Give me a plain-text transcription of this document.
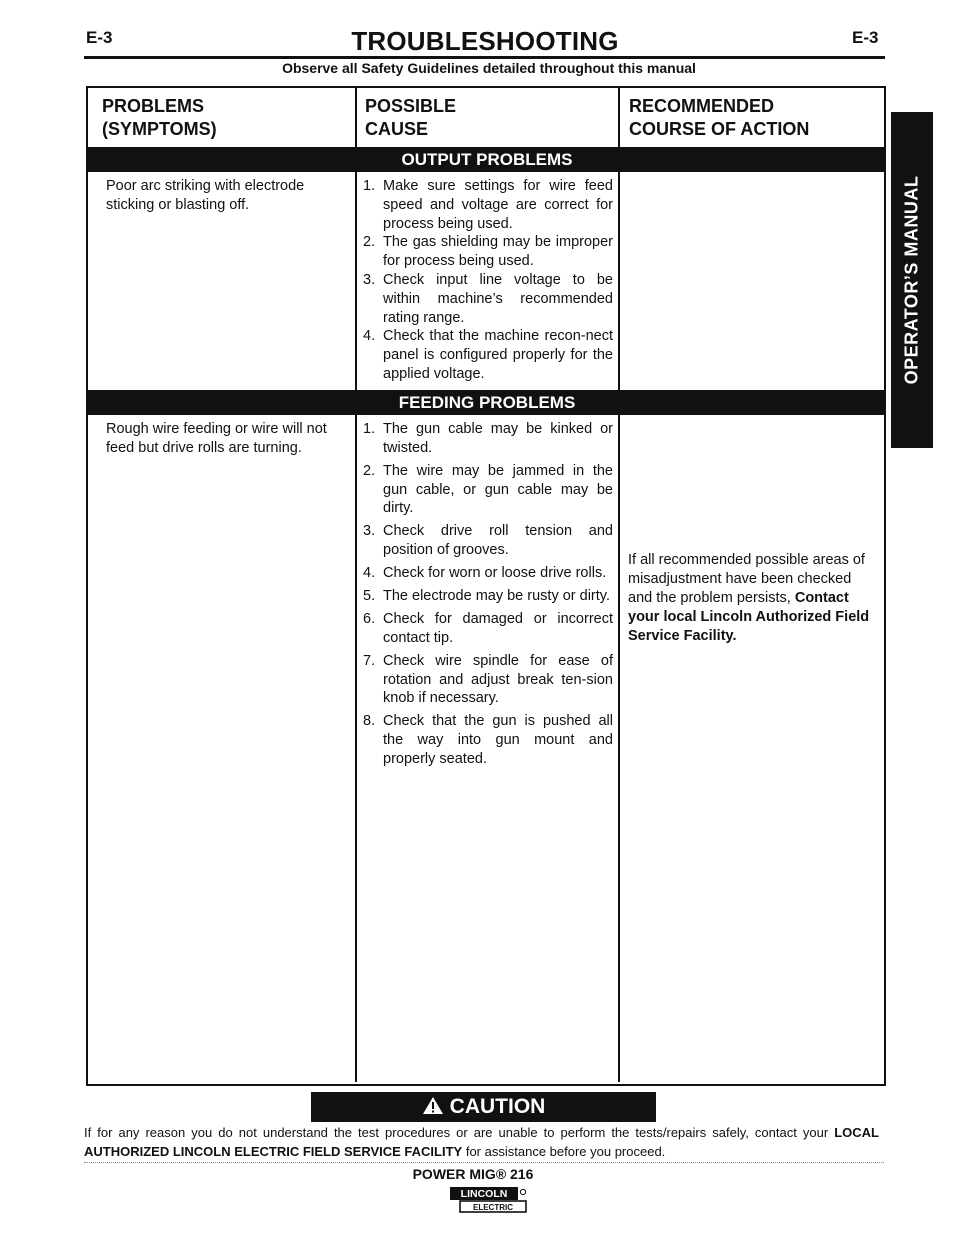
E-3	TROUBLESHOOTING	E-3
Observe all Safety Guidelines detailed throughout this manual
OPERATOR’S MANUAL
PROBLEMS
(SYMPTOMS)
POSSIBLE
CAUSE
RECOMMENDED
COURSE OF ACTION
OUTPUT PROBLEMS
Poor arc striking with electrode sticking or blasting off.
1. Make sure settings for wire feed speed and voltage are correct for process being used.
2. The gas shielding may be improper for process being used.
3. Check input line voltage to be within machine’s recommended rating range.
4. Check that the machine recon-nect panel is configured properly for the applied voltage.
FEEDING PROBLEMS
Rough wire feeding or wire will not feed but drive rolls are turning.
1. The gun cable may be kinked or twisted.
2. The wire may be jammed in the gun cable, or gun cable may be dirty.
3. Check drive roll tension and position of grooves.
4. Check for worn or loose drive rolls.
5. The electrode may be rusty or dirty.
6. Check for damaged or incorrect contact tip.
7. Check wire spindle for ease of rotation and adjust break ten-sion knob if necessary.
8. Check that the gun is pushed all the way into gun mount and properly seated.
If all recommended possible areas of misadjustment have been checked and the problem persists, Contact your local Lincoln Authorized Field Service Facility.
CAUTION
If for any reason you do not understand the test procedures or are unable to perform the tests/repairs safely, contact your LOCAL AUTHORIZED LINCOLN ELECTRIC FIELD SERVICE FACILITY for assistance before you proceed.
POWER MIG® 216
LINCOLN
ELECTRIC
